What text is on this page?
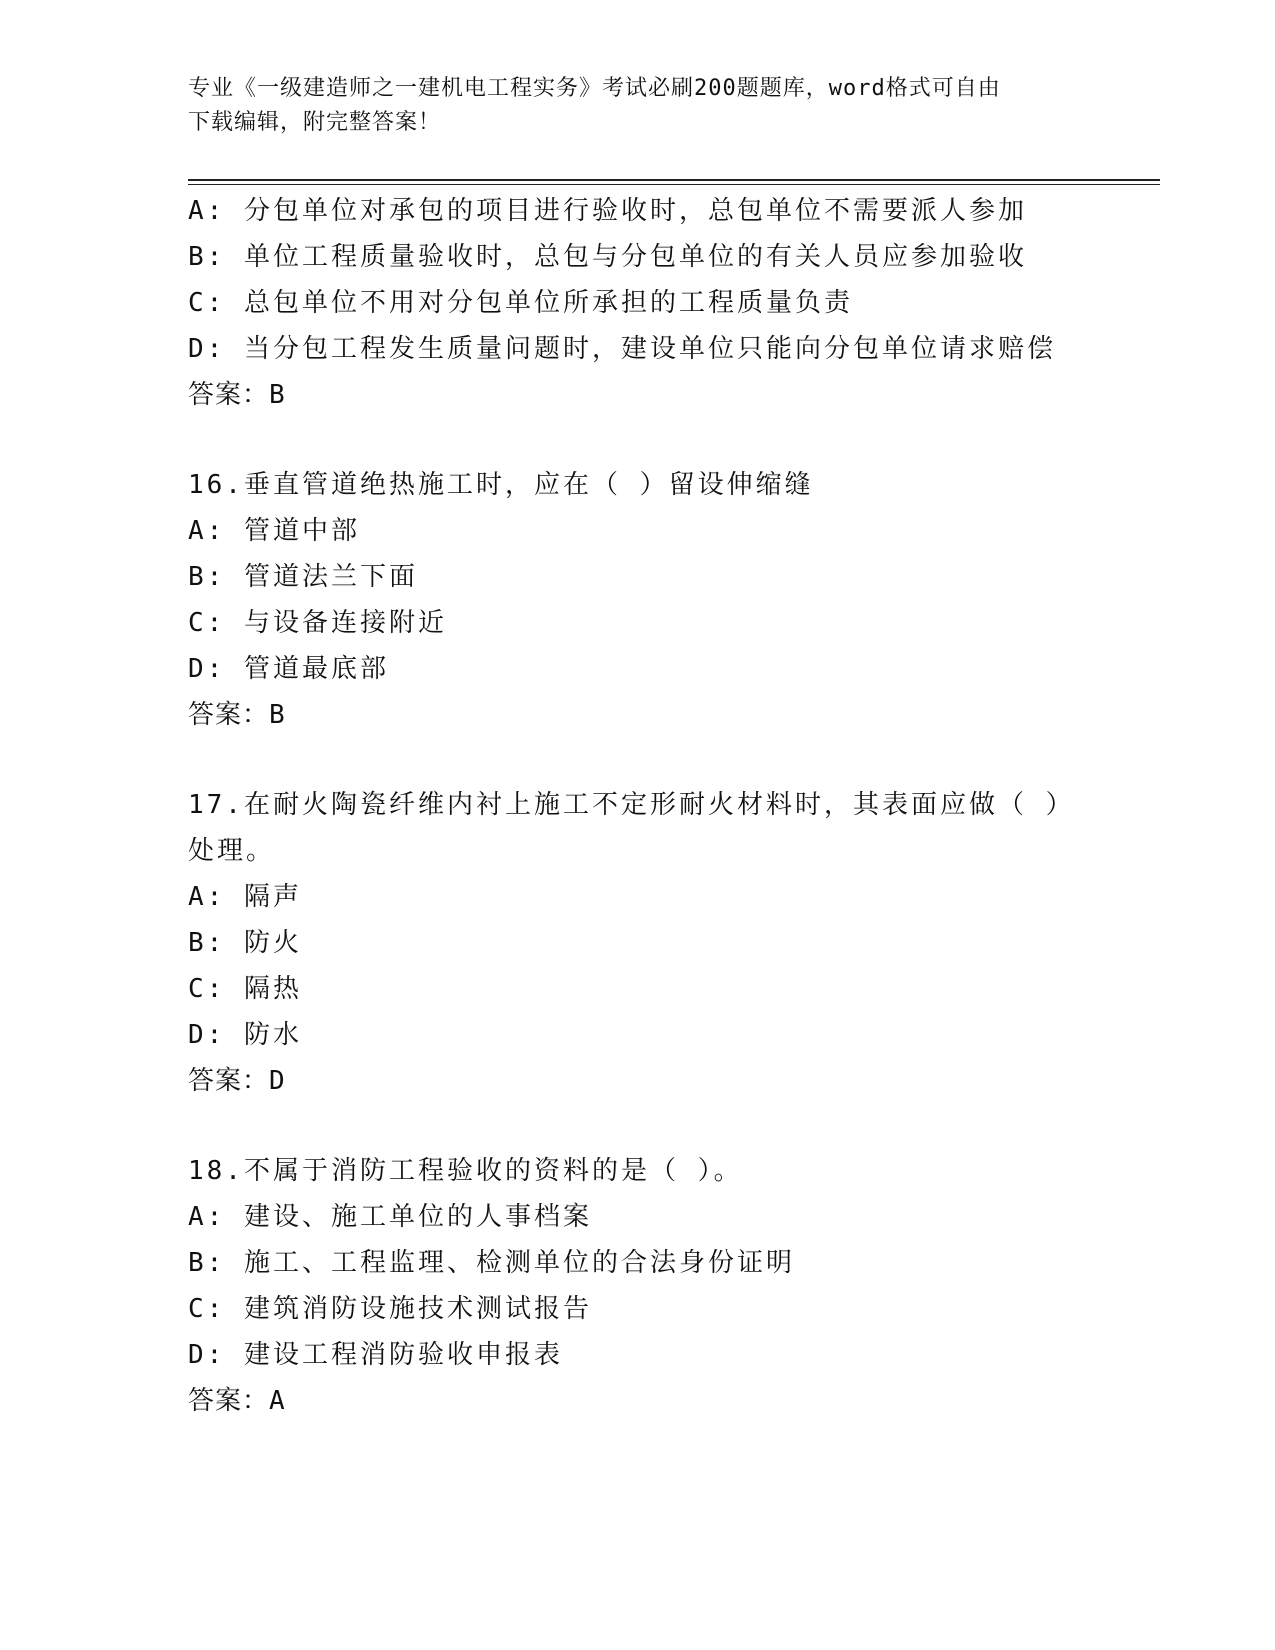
专业《一级建造师之一建机电工程实务》考试必刷200题题库，word格式可自由
下载编辑，附完整答案！
A: 分包单位对承包的项目进行验收时，总包单位不需要派人参加
B: 单位工程质量验收时，总包与分包单位的有关人员应参加验收
C: 总包单位不用对分包单位所承担的工程质量负责
D: 当分包工程发生质量问题时，建设单位只能向分包单位请求赔偿
答案：B
16.垂直管道绝热施工时，应在（ ）留设伸缩缝
A: 管道中部
B: 管道法兰下面
C: 与设备连接附近
D: 管道最底部
答案：B
17.在耐火陶瓷纤维内衬上施工不定形耐火材料时，其表面应做（ ）
处理。
A: 隔声
B: 防火
C: 隔热
D: 防水
答案：D
18.不属于消防工程验收的资料的是（ ）。
A: 建设、施工单位的人事档案
B: 施工、工程监理、检测单位的合法身份证明
C: 建筑消防设施技术测试报告
D: 建设工程消防验收申报表
答案：A
